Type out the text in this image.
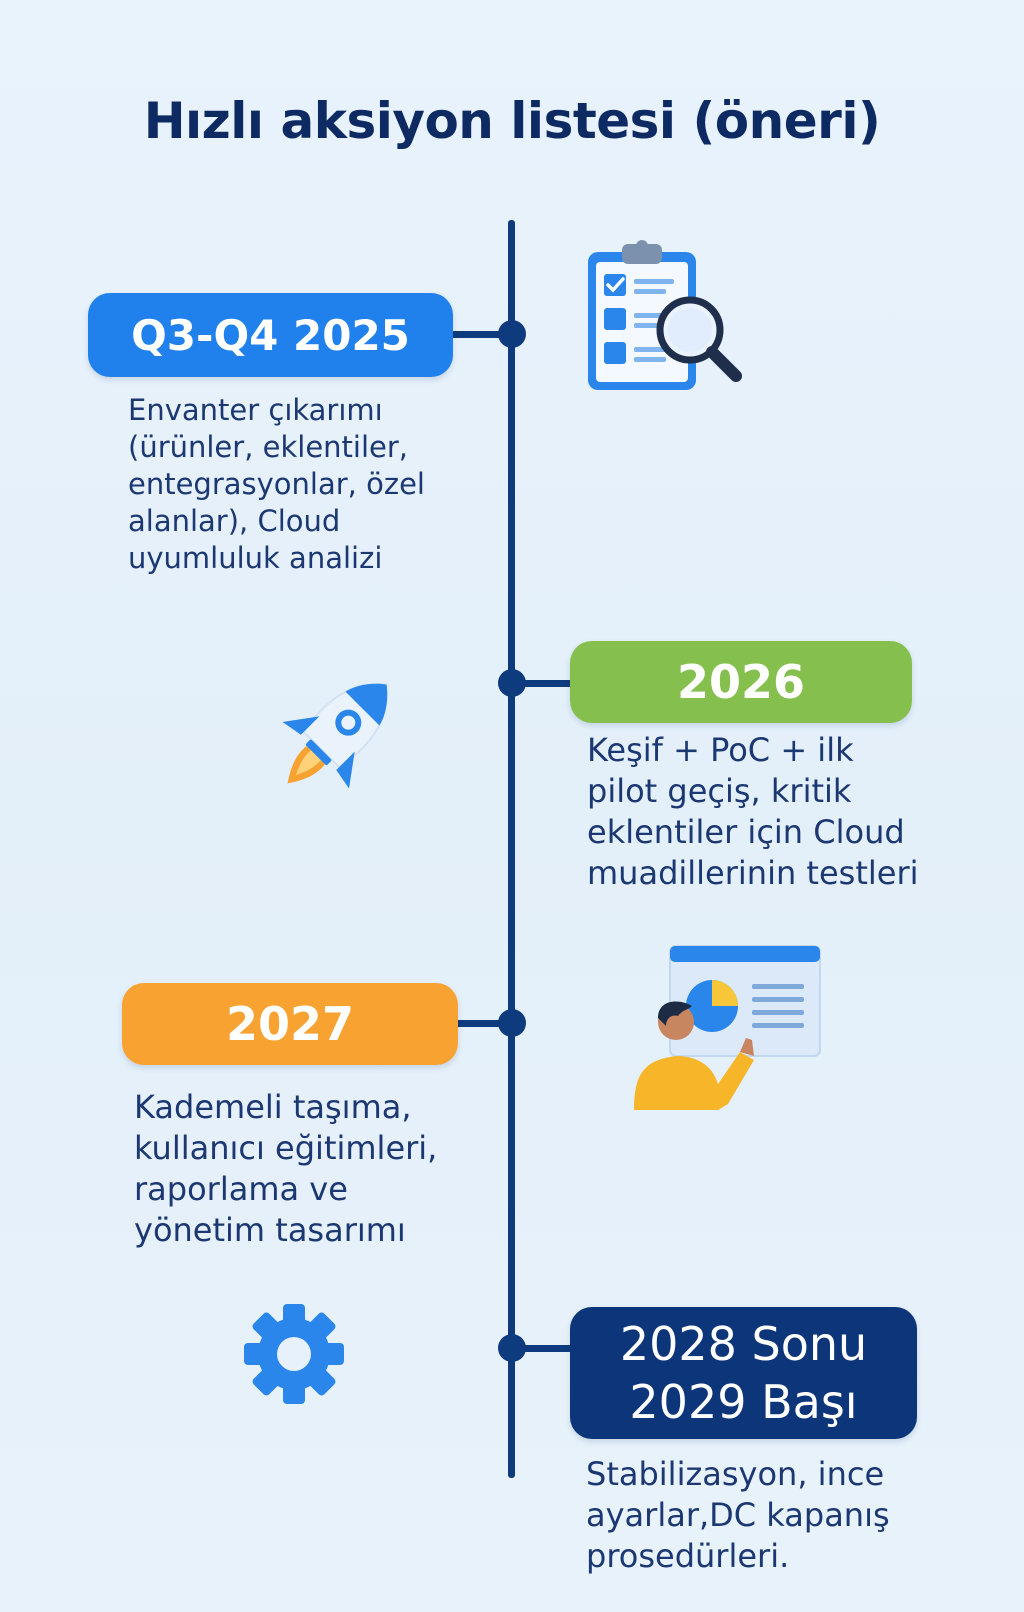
Hızlı aksiyon listesi (öneri)
Q3-Q4 2025
Envanter çıkarımı
(ürünler, eklentiler,
entegrasyonlar, özel
alanlar), Cloud
uyumluluk analizi
2026
Keşif + PoC + ilk
pilot geçiş, kritik
eklentiler için Cloud
muadillerinin testleri
2027
Kademeli taşıma,
kullanıcı eğitimleri,
raporlama ve
yönetim tasarımı
2028 Sonu
2029 Başı
Stabilizasyon, ince
ayarlar,DC kapanış
prosedürleri.
